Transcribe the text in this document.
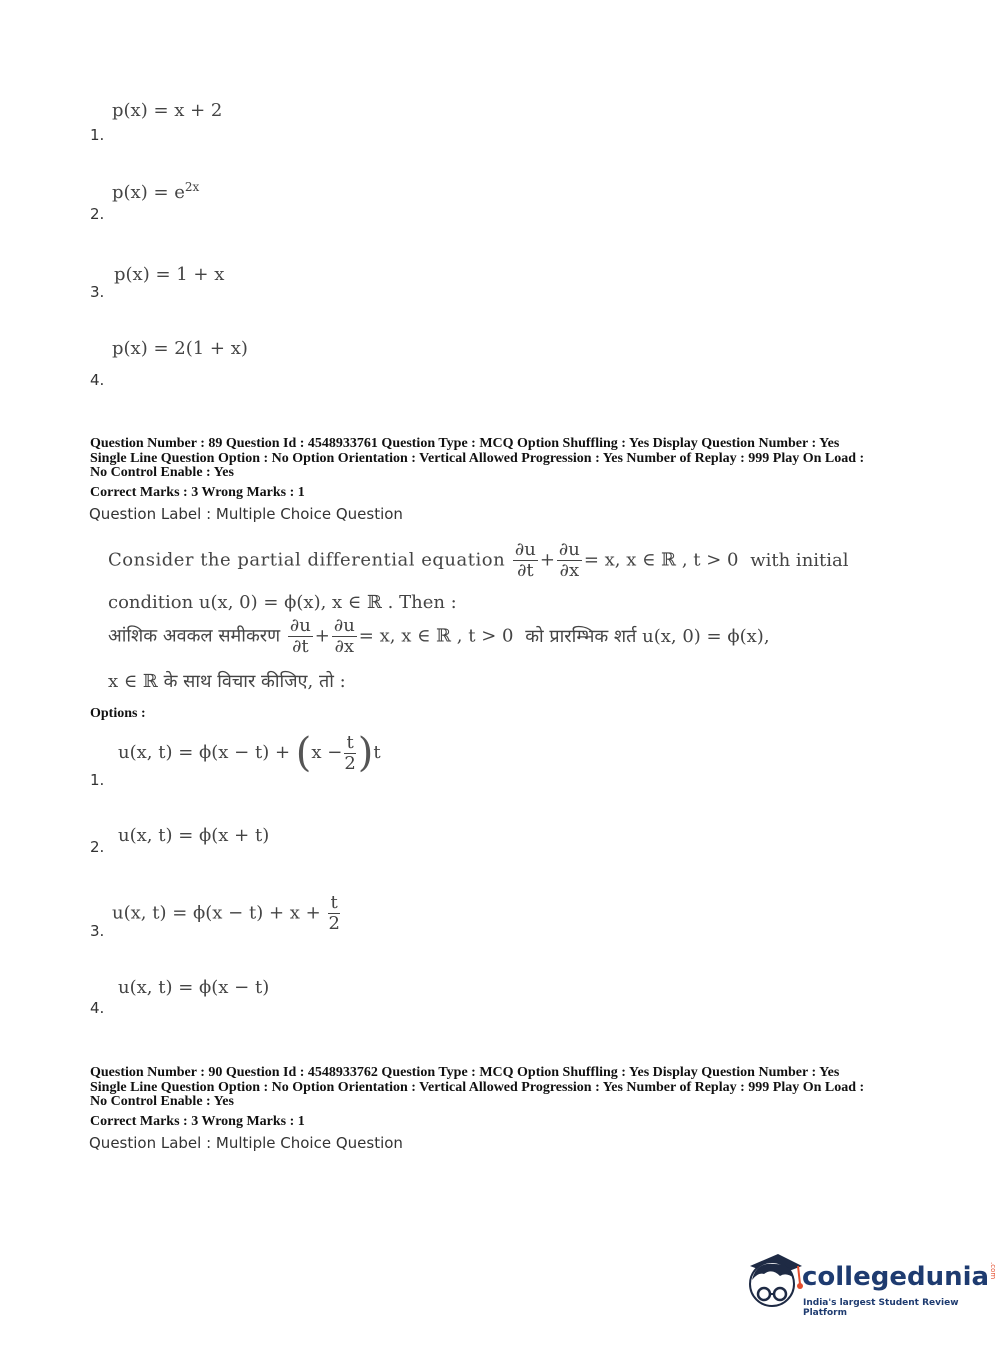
p(x) = x + 2
1.
$p(x) = e^{2x}$
2.
p(x) = 1 + x
3.
p(x) = 2(1 + x)
4.
Question Number : 89 Question Id : 4548933761 Question Type : MCQ Option Shuffling : Yes Display Question Number : Yes
Single Line Question Option : No Option Orientation : Vertical Allowed Progression : Yes Number of Replay : 999 Play On Load :
No Control Enable : Yes
Correct Marks : 3 Wrong Marks : 1
Question Label : Multiple Choice Question
Consider the partial differential equation $\frac{\partial u}{\partial t} + \frac{\partial u}{\partial x} = x$, x ∈ ℝ , t > 0 with initial
condition u(x, 0) = ϕ(x), x ∈ ℝ . Then :
आंशिक अवकल समीकरण $\frac{\partial u}{\partial t} + \frac{\partial u}{\partial x} = x$, x ∈ ℝ , t > 0 को प्रारम्भिक शर्त u(x, 0) = ϕ(x),
x ∈ ℝ के साथ विचार कीजिए, तो :
Options :
u(x, $t) = \phi(x - t) + (x - \frac{t}{2} )t$
1.
u(x, t) = ϕ(x + t)
2.
u(x, $t) = \phi(x - t) + x + \frac{t}{2}$
3.
u(x, t) = ϕ(x − t)
4.
Question Number : 90 Question Id : 4548933762 Question Type : MCQ Option Shuffling : Yes Display Question Number : Yes
Single Line Question Option : No Option Orientation : Vertical Allowed Progression : Yes Number of Replay : 999 Play On Load :
No Control Enable : Yes
Correct Marks : 3 Wrong Marks : 1
Question Label : Multiple Choice Question
collegedunia.com
India's largest Student Review Platform
